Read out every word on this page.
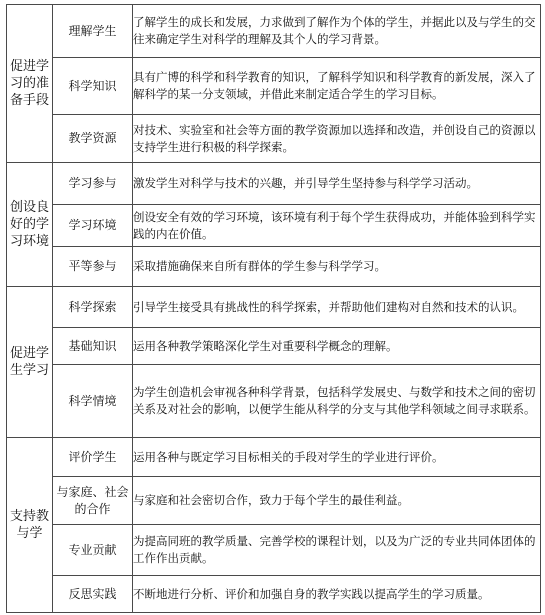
促进学习的准备手段	理解学生	了解学生的成长和发展，力求做到了解作为个体的学生，并据此以及与学生的交往来确定学生对科学的理解及其个人的学习背景。
	科学知识	具有广博的科学和科学教育的知识，了解科学知识和科学教育的新发展，深入了解科学的某一分支领域，并借此来制定适合学生的学习目标。
	教学资源	对技术、实验室和社会等方面的教学资源加以选择和改造，并创设自己的资源以支持学生进行积极的科学探索。
创设良好的学习环境	学习参与	激发学生对科学与技术的兴趣，并引导学生坚持参与科学学习活动。
	学习环境	创设安全有效的学习环境，该环境有利于每个学生获得成功，并能体验到科学实践的内在价值。
	平等参与	采取措施确保来自所有群体的学生参与科学学习。
促进学生学习	科学探索	引导学生接受具有挑战性的科学探索，并帮助他们建构对自然和技术的认识。
	基础知识	运用各种教学策略深化学生对重要科学概念的理解。
	科学情境	为学生创造机会审视各种科学背景，包括科学发展史、与数学和技术之间的密切关系及对社会的影响，以便学生能从科学的分支与其他学科领域之间寻求联系。
支持教与学	评价学生	运用各种与既定学习目标相关的手段对学生的学业进行评价。
	与家庭、社会的合作	与家庭和社会密切合作，致力于每个学生的最佳利益。
	专业贡献	为提高同班的教学质量、完善学校的课程计划，以及为广泛的专业共同体团体的工作作出贡献。
	反思实践	不断地进行分析、评价和加强自身的教学实践以提高学生的学习质量。
